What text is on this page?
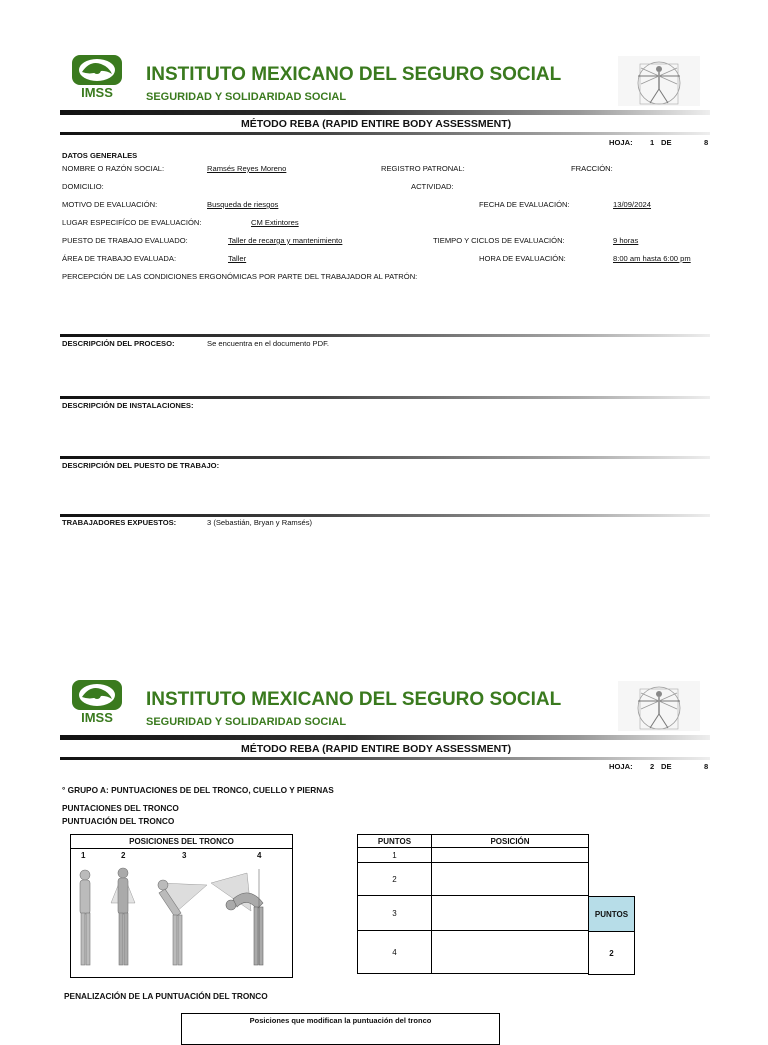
IMSS
INSTITUTO MEXICANO DEL SEGURO SOCIAL
SEGURIDAD Y SOLIDARIDAD SOCIAL
MÉTODO REBA (RAPID ENTIRE BODY ASSESSMENT)
HOJA: 1 DE	8
DATOS GENERALES
NOMBRE O RAZÓN SOCIAL:	Ramsés Reyes Moreno	REGISTRO PATRONAL:	FRACCIÓN:
DOMICILIO:	ACTIVIDAD:
MOTIVO DE EVALUACIÓN:	Busqueda de riesgos	FECHA DE EVALUACIÓN:	13/09/2024
LUGAR ESPECIFÍCO DE EVALUACIÓN:	CM Extintores
PUESTO DE TRABAJO EVALUADO:	Taller de recarga y mantenimiento	TIEMPO Y CICLOS DE EVALUACIÓN:	9 horas
ÁREA DE TRABAJO EVALUADA:	Taller	HORA DE EVALUACIÓN:	8:00 am hasta 6:00 pm
PERCEPCIÓN DE LAS CONDICIONES ERGONÓMICAS POR PARTE DEL TRABAJADOR AL PATRÓN:
DESCRIPCIÓN DEL PROCESO:	Se encuentra en el documento PDF.
DESCRIPCIÓN DE INSTALACIONES:
DESCRIPCIÓN DEL PUESTO DE TRABAJO:
TRABAJADORES EXPUESTOS:	3 (Sebastián, Bryan y Ramsés)
IMSS
INSTITUTO MEXICANO DEL SEGURO SOCIAL
SEGURIDAD Y SOLIDARIDAD SOCIAL
MÉTODO REBA (RAPID ENTIRE BODY ASSESSMENT)
HOJA: 2 DE	8
° GRUPO A: PUNTUACIONES DE DEL TRONCO, CUELLO Y PIERNAS
PUNTACIONES DEL TRONCO
PUNTUACIÓN DEL TRONCO
POSICIONES DEL TRONCO
1	2	3	4
PUNTOS	POSICIÓN
1	
2	
3	
4	
PUNTOS
2
PENALIZACIÓN DE LA PUNTUACIÓN DEL TRONCO
Posiciones que modifican la puntuación del tronco
